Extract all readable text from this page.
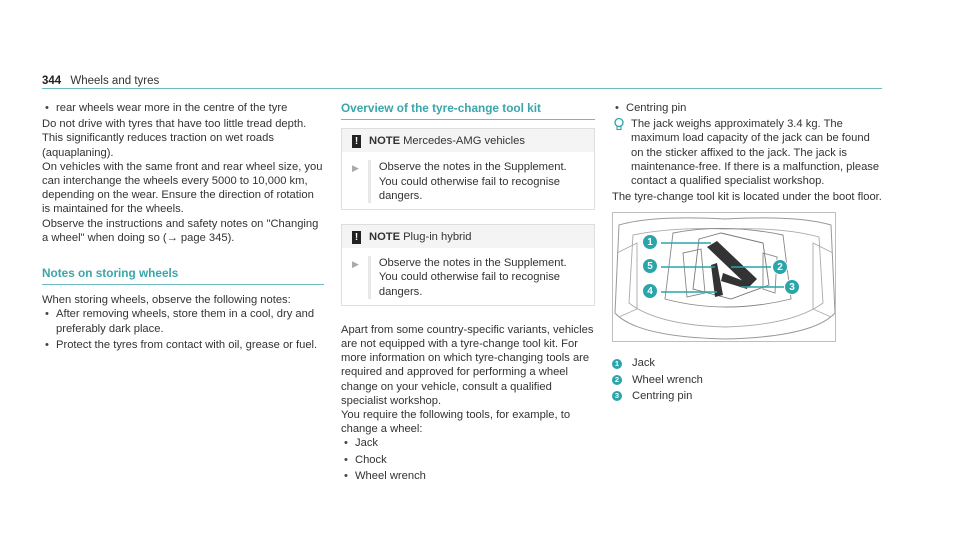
344 Wheels and tyres
• rear wheels wear more in the centre of the tyre

Do not drive with tyres that have too little tread depth. This significantly reduces traction on wet roads (aquaplaning).

On vehicles with the same front and rear wheel size, you can interchange the wheels every 5000 to 10,000 km, depending on the wear. Ensure the direction of rotation is maintained for the wheels.

Observe the instructions and safety notes on "Changing a wheel" when doing so (→ page 345).

Notes on storing wheels

When storing wheels, observe the following notes:

• After removing wheels, store them in a cool, dry and preferably dark place.
• Protect the tyres from contact with oil, grease or fuel.
Overview of the tyre-change tool kit
! NOTE Mercedes-AMG vehicles
▶	Observe the notes in the Supplement. You could otherwise fail to recognise dangers.
! NOTE Plug-in hybrid
▶	Observe the notes in the Supplement. You could otherwise fail to recognise dangers.

Apart from some country-specific variants, vehicles are not equipped with a tyre-change tool kit. For more information on which tyre-changing tools are required and approved for performing a wheel change on your vehicle, consult a qualified specialist workshop.

You require the following tools, for example, to change a wheel:

• Jack
• Chock
• Wheel wrench
• Centring pin
The jack weighs approximately 3.4 kg. The maximum load capacity of the jack can be found on the sticker affixed to the jack. The jack is maintenance-free. If there is a malfunction, please contact a qualified specialist workshop.

The tyre-change tool kit is located under the boot floor.

1
5
4
2
3
1 Jack
2 Wheel wrench
3 Centring pin
